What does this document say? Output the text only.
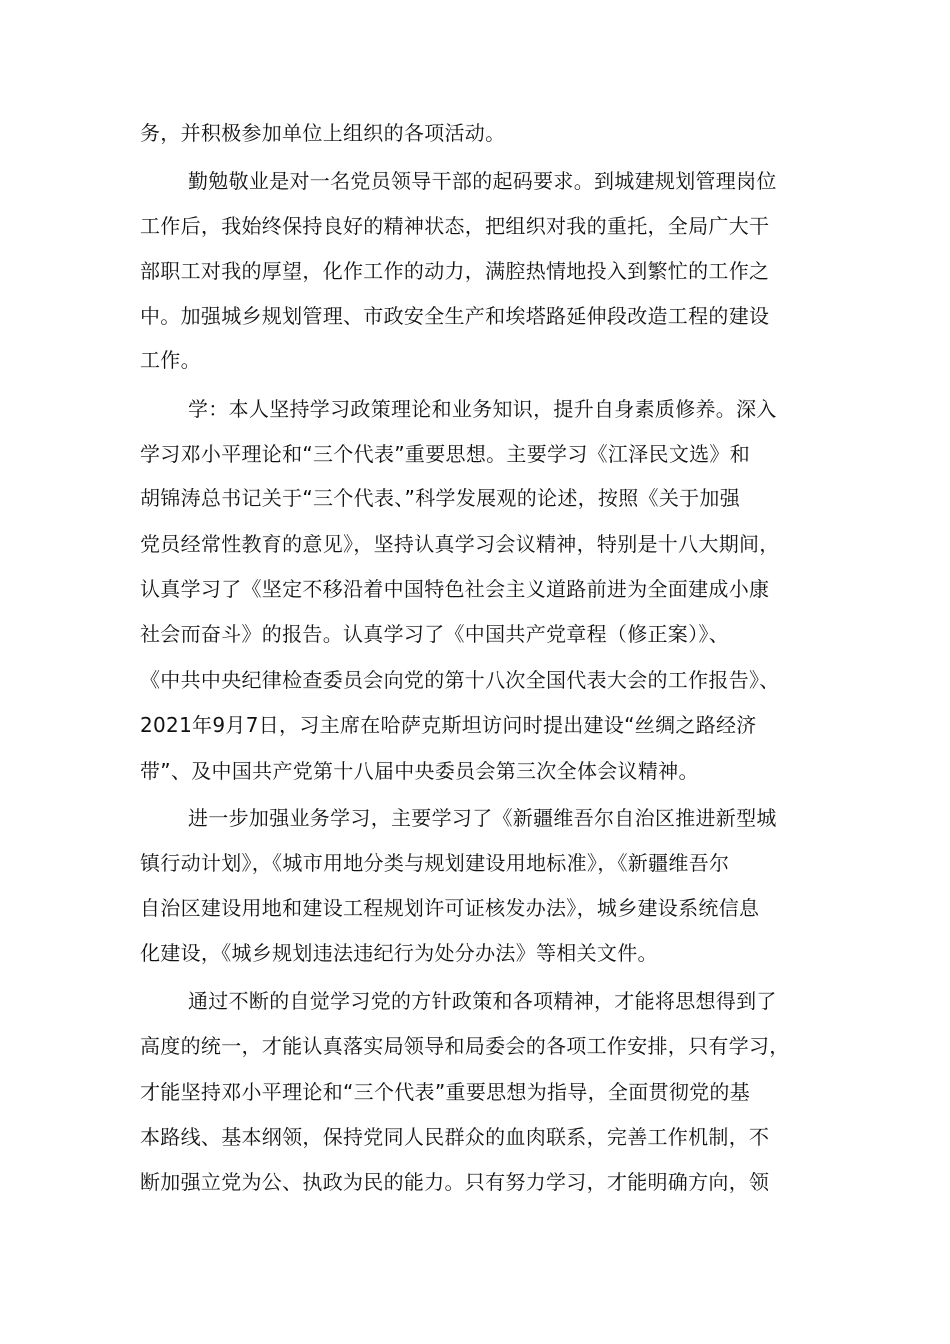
务，并积极参加单位上组织的各项活动。
勤勉敬业是对一名党员领导干部的起码要求。到城建规划管理岗位
工作后，我始终保持良好的精神状态，把组织对我的重托，全局广大干
部职工对我的厚望，化作工作的动力，满腔热情地投入到繁忙的工作之
中。加强城乡规划管理、市政安全生产和埃塔路延伸段改造工程的建设
工作。
学：本人坚持学习政策理论和业务知识，提升自身素质修养。深入
学习邓小平理论和“三个代表”重要思想。主要学习《江泽民文选》和
胡锦涛总书记关于“三个代表、”科学发展观的论述，按照《关于加强
党员经常性教育的意见》，坚持认真学习会议精神，特别是十八大期间，
认真学习了《坚定不移沿着中国特色社会主义道路前进为全面建成小康
社会而奋斗》的报告。认真学习了《中国共产党章程（修正案）》、
《中共中央纪律检查委员会向党的第十八次全国代表大会的工作报告》、
2021年9月7日，习主席在哈萨克斯坦访问时提出建设“丝绸之路经济
带”、及中国共产党第十八届中央委员会第三次全体会议精神。
进一步加强业务学习，主要学习了《新疆维吾尔自治区推进新型城
镇行动计划》，《城市用地分类与规划建设用地标准》，《新疆维吾尔
自治区建设用地和建设工程规划许可证核发办法》，城乡建设系统信息
化建设，《城乡规划违法违纪行为处分办法》等相关文件。
通过不断的自觉学习党的方针政策和各项精神，才能将思想得到了
高度的统一，才能认真落实局领导和局委会的各项工作安排，只有学习，
才能坚持邓小平理论和“三个代表”重要思想为指导，全面贯彻党的基
本路线、基本纲领，保持党同人民群众的血肉联系，完善工作机制，不
断加强立党为公、执政为民的能力。只有努力学习，才能明确方向，领
